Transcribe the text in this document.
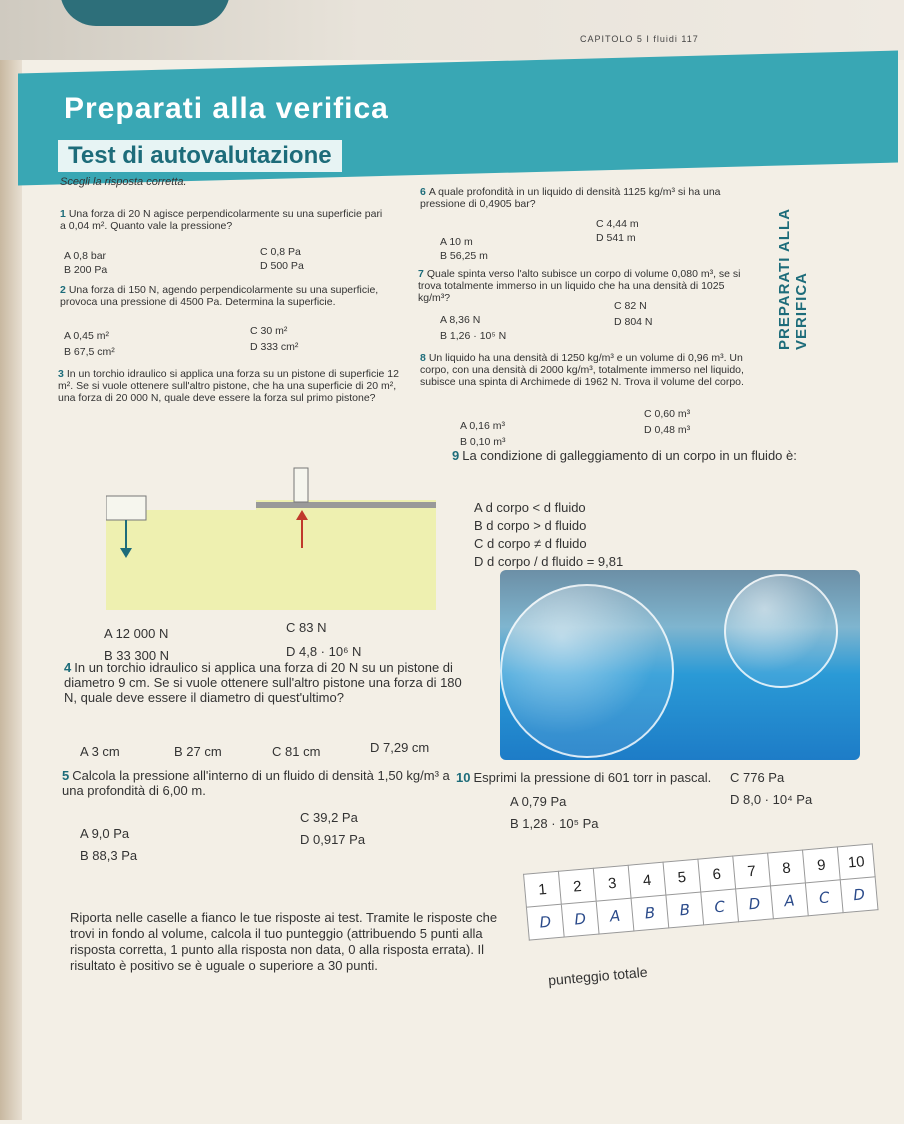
CAPITOLO 5 I fluidi 117
Preparati alla verifica
Test di autovalutazione
Scegli la risposta corretta.
PREPARATI ALLA VERIFICA
1 Una forza di 20 N agisce perpendicolarmente su una superficie pari a 0,04 m². Quanto vale la pressione?
A 0,8 bar
B 200 Pa
C 0,8 Pa
D 500 Pa
2 Una forza di 150 N, agendo perpendicolarmente su una superficie, provoca una pressione di 4500 Pa. Determina la superficie.
A 0,45 m²
B 67,5 cm²
C 30 m²
D 333 cm²
3 In un torchio idraulico si applica una forza su un pistone di superficie 12 m². Se si vuole ottenere sull'altro pistone, che ha una superficie di 20 m², una forza di 20 000 N, quale deve essere la forza sul primo pistone?
A 12 000 N
B 33 300 N
C 83 N
D 4,8 · 10⁶ N
4 In un torchio idraulico si applica una forza di 20 N su un pistone di diametro 9 cm. Se si vuole ottenere sull'altro pistone una forza di 180 N, quale deve essere il diametro di quest'ultimo?
A 3 cm	B 27 cm	C 81 cm	D 7,29 cm
5 Calcola la pressione all'interno di un fluido di densità 1,50 kg/m³ a una profondità di 6,00 m.
A 9,0 Pa
B 88,3 Pa
C 39,2 Pa
D 0,917 Pa
6 A quale profondità in un liquido di densità 1125 kg/m³ si ha una pressione di 0,4905 bar?
A 10 m
B 56,25 m
C 4,44 m
D 541 m
7 Quale spinta verso l'alto subisce un corpo di volume 0,080 m³, se si trova totalmente immerso in un liquido che ha una densità di 1025 kg/m³?
A 8,36 N
B 1,26 · 10⁵ N
C 82 N
D 804 N
8 Un liquido ha una densità di 1250 kg/m³ e un volume di 0,96 m³. Un corpo, con una densità di 2000 kg/m³, totalmente immerso nel liquido, subisce una spinta di Archimede di 1962 N. Trova il volume del corpo.
A 0,16 m³
B 0,10 m³
C 0,60 m³
D 0,48 m³
9 La condizione di galleggiamento di un corpo in un fluido è:
A d corpo < d fluido
B d corpo > d fluido
C d corpo ≠ d fluido
D d corpo / d fluido = 9,81
10 Esprimi la pressione di 601 torr in pascal.
A 0,79 Pa
B 1,28 · 10⁵ Pa
C 776 Pa
D 8,0 · 10⁴ Pa
Riporta nelle caselle a fianco le tue risposte ai test. Tramite le risposte che trovi in fondo al volume, calcola il tuo punteggio (attribuendo 5 punti alla risposta corretta, 1 punto alla risposta non data, 0 alla risposta errata). Il risultato è positivo se è uguale o superiore a 30 punti.
1	2	3	4	5	6	7	8	9	10
D	D	A	B	B	C	D	A	C	D
punteggio totale
